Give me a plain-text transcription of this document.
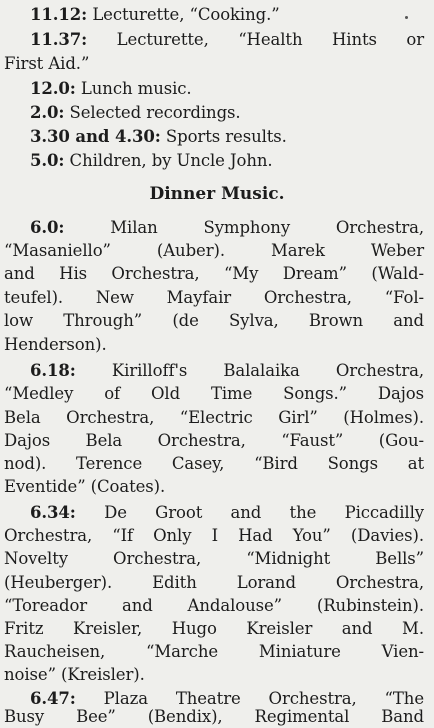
11.12: Lecturette, “Cooking.”
11.37: Lecturette, “Health Hints or
First Aid.”
12.0: Lunch music.
2.0: Selected recordings.
3.30 and 4.30: Sports results.
5.0: Children, by Uncle John.
Dinner Music.
6.0: Milan Symphony Orchestra,
“Masaniello” (Auber). Marek Weber
and His Orchestra, “My Dream” (Wald-
teufel). New Mayfair Orchestra, “Fol-
low Through” (de Sylva, Brown and
Henderson).
6.18: Kirilloff's Balalaika Orchestra,
“Medley of Old Time Songs.” Dajos
Bela Orchestra, “Electric Girl” (Holmes).
Dajos Bela Orchestra, “Faust” (Gou-
nod). Terence Casey, “Bird Songs at
Eventide” (Coates).
6.34: De Groot and the Piccadilly
Orchestra, “If Only I Had You” (Davies).
Novelty Orchestra, “Midnight Bells”
(Heuberger). Edith Lorand Orchestra,
“Toreador and Andalouse” (Rubinstein).
Fritz Kreisler, Hugo Kreisler and M.
Raucheisen, “Marche Miniature Vien-
noise” (Kreisler).
6.47: Plaza Theatre Orchestra, “The
Busy Bee” (Bendix), Regimental Band
